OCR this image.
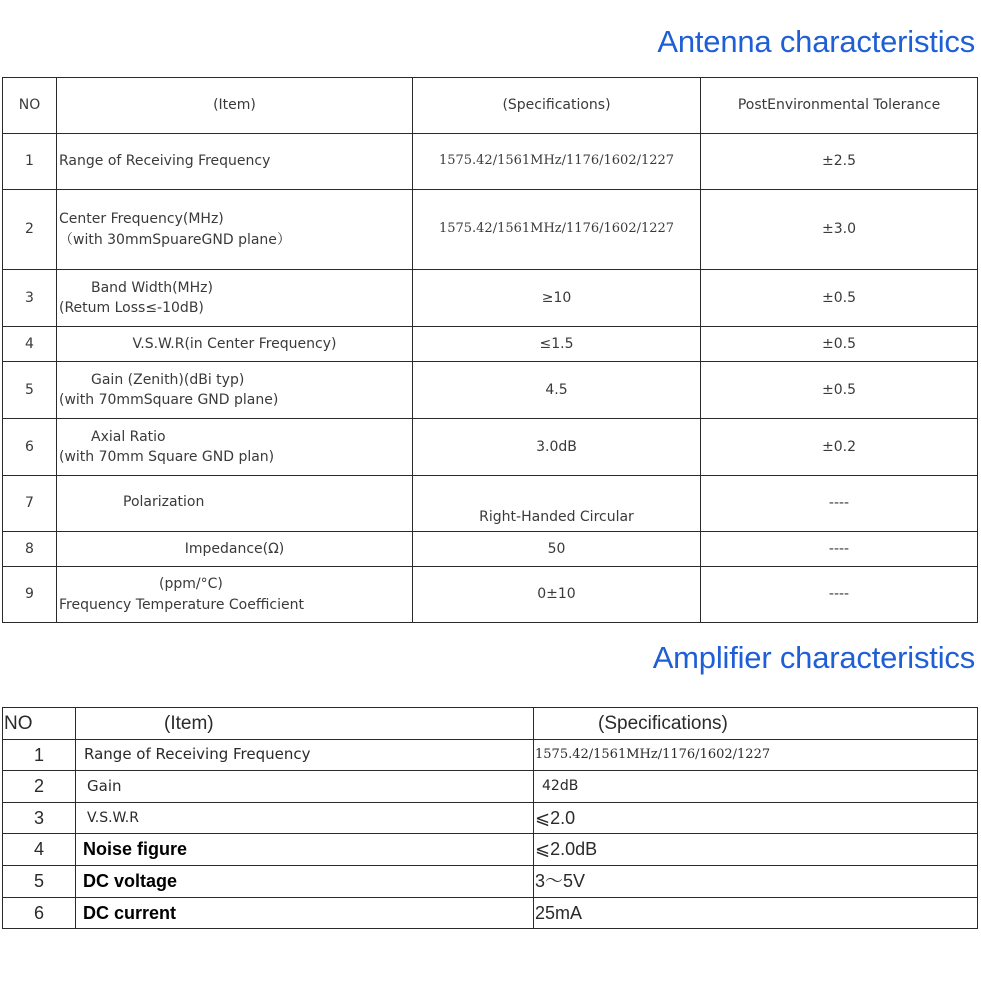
Antenna characteristics
NO	(Item)	(Specifications)	PostEnvironmental Tolerance
1	Range of Receiving Frequency	1575.42/1561MHz/1176/1602/1227	±2.5
2	Center Frequency(MHz)
（with 30mmSpuareGND plane）	1575.42/1561MHz/1176/1602/1227	±3.0
3	Band Width(MHz)
(Retum Loss≤-10dB)	≥10	±0.5
4	V.S.W.R(in Center Frequency)	≤1.5	±0.5
5	Gain (Zenith)(dBi typ)
(with 70mmSquare GND plane)	4.5	±0.5
6	Axial Ratio
(with 70mm Square GND plan)	3.0dB	±0.2
7	Polarization	Right-Handed Circular	----
8	Impedance(Ω)	50	----
9	(ppm/°C)
Frequency Temperature Coefficient	0±10	----
Amplifier characteristics
NO	(Item)	(Specifications)
1	Range of Receiving Frequency	1575.42/1561MHz/1176/1602/1227
2	Gain	42dB
3	V.S.W.R	⩽2.0
4	Noise figure	⩽2.0dB
5	DC voltage	3～5V
6	DC current	25mA
